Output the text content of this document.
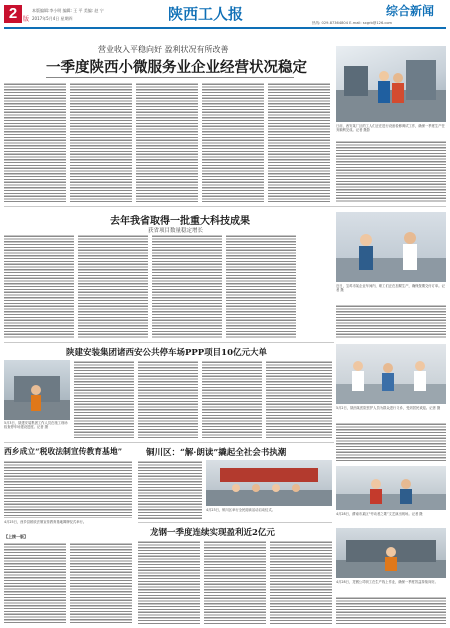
2 版
本版编辑:李小明 编辑: 王 平 美编: 赵 宁
2017年5月4日 星期四	陕西工人报	综合新闻
热线: 029-87364804 E-mail: sxgrb@126.com
营业收入平稳向好 盈利状况有所改善
一季度陕西小微服务业企业经营状况稳定
日前，西安某厂区的工人们正在进行设备检修调试工作，确保一季度生产任务顺利完成。记者 摄影
去年我省取得一批重大科技成果
获省项目数量稳定增长
近日，宝鸡市某企业车间内，职工们正在加紧生产，确保按期交付订单。记者 摄
陕建安装集团诸西安公共停车场PPP项目10亿元大单
5月3日，陕建安装集团工作人员在施工现场检查停车场建设进度。记者 摄
5月2日，陕西某医院医护人员为群众进行义诊，受到居民欢迎。记者 摄
西乡成立“税收法制宣传教育基地”
4月25日，西乡县税收法制宣传教育基地揭牌仪式举行。
铜川区：“解·朗读”撬起全社会书执潮
4月23日，铜川区举行全民阅读活动启动仪式。
4月28日，渭南市某区“劳动者之歌”文艺演出现场。记者 摄
龙钢一季度连续实现盈利近2亿元
4月28日，龙钢公司职工在生产线上作业，确保一季度效益持续向好。
【上接一版】
